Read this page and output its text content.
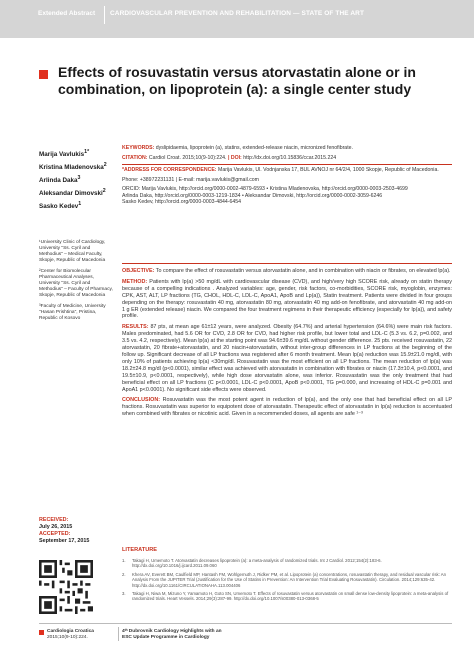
Extended Abstract CARDIOVASCULAR PREVENTION AND REHABILITATION — STATE OF THE ART
Effects of rosuvastatin versus atorvastatin alone or in combination, on lipoprotein (a): a single center study
Marija Vavlukis$^{1*}$
Kristina Mladenovska$^2$
Arlinda Daka$^3$
Aleksandar Dimovski$^2$
Sasko Kedev$^1$

¹University Clinic of Cardiology, University "Ss. Cyril and Methodius" – Medical Faculty, Skopje, Republic of Macedonia

²Center for Biomolecular Pharmaceutical Analyses, University "Ss. Cyril and Methodius" – Faculty of Pharmacy, Skopje, Republic of Macedonia

³Faculty of Medicine, University "Hasan Prishtina", Pristina, Republic of Kosovo

KEYWORDS: dyslipidaemia, lipoprotein (a), statins, extended-release niacin, micronized fenofibrate.
CITATION: Cardiol Croat. 2015;10(9-10):224. | DOI: http://dx.doi.org/10.15836/ccar.2015.224
*ADDRESS FOR CORRESPONDENCE: Marija Vavlukis, Ul. Vodnjanska 17, BUL AVNOJ nr 64/2/4, 1000 Skopje, Republic of Macedonia.
Phone: +38972231131 | E-mail: marija.vavlukis@gmail.com
ORCID: Marija Vavlukis, http://orcid.org/0000-0002-4879-6593 • Kristina Mladenovska, http://orcid.org/0000-0003-2503-4699
Arlinda Daka, http://orcid.org/0000-0003-1219-1834 • Aleksandar Dimovski, http://orcid.org/0000-0002-3059-6246
Sasko Kedev, http://orcid.org/0000-0003-4844-6454

OBJECTIVE: To compare the effect of rosuvastatin versus atorvastatin alone, and in combination with niacin or fibrates, on elevated lp(a).

METHOD: Patients with lp(a) >50 mg/dL with cardiovascular disease (CVD), and high/very high SCORE risk, already on statin therapy because of a compelling indications . Analyzed variables: age, gender, risk factors, co-morbidities, SCORE risk, myoglobin, enzymes: CPK, AST, ALT, LP fractions (TG, CHOL, HDL-C, LDL-C, ApoA1, ApoB and Lp(a)), Statin treatment. Patients were divided in four groups depending on the therapy: rosuvastatin 40 mg, atorvastatin 80 mg, atorvastatin 40 mg add-on fenofibrate, and atorvastatin 40 mg add-on 1 g ER (extended release) niacin. We compared the four treatment regimens in their therapeutic efficiency (especially for lp(a)), and safety profile.

RESULTS: 87 pts, at mean age 61±12 years, were analyzed. Obesity (64.7%) and arterial hypertension (64.6%) were main risk factors. Males predominated, had 5.6 OR for CVD, 2.8 OR for CVD, had higher risk profile, but lower total and LDL-C (5.3 vs. 6.2, p=0.002, and 3.5 vs. 4.2, respectively). Mean lp(a) at the starting point was 94.6±39.6 mg/dL without gender difference. 25 pts. received rosuvastatin, 22 atorvastatin, 20 fibrate+atorvastatin, and 20 niacin+atorvastatin, without inter-group differences in LP fractions at the beginning of the follow up. Significant decrease of all LP fractions was registered after 6 month treatment. Mean lp(a) reduction was 15.9±21.0 mg/dl, with only 10% of patients achieving lp(a) <30mg/dl. Rosuvastatin was the most efficient on all LP fractions. The mean reduction of lp(a) was 18.2±24.8 mg/dl (p<0.0001), similar effect was achieved with atorvastatin in combination with fibrates or niacin (17.3±10.4, p<0.0001, and 19.5±10.9, p<0.0001, respectively), while high dose atorvastatin alone, was inferior. Rosuvastatin was the only treatment that had beneficial effect on all LP fractions (C p<0.0001, LDL-C p<0.0001, ApoB p<0.0001, TG p=0.000, and increasing of HDL-C p=0.001 and ApoA1 p<0.0001). No significant side effects were observed.

CONCLUSION: Rosuvastatin was the most potent agent in reduction of lp(a), and the only one that had beneficial effect on all LP fractions. Rosuvastatin was superior to equipotent dose of atorvastatin. Therapeutic effect of atorvastatin in lp(a) reduction is accentuated when combined with fibrates or nicotinic acid. Given in a recommended doses, all agents are safe ¹⁻³

RECEIVED:
July 26, 2015
ACCEPTED:
September 17, 2015
LITERATURE
1.	Takagi H, Umemoto T. Atorvastatin decreases lipoprotein (a): a meta-analysis of randomized trials. Int J Cardiol. 2012;154(2):183-6. http://dx.doi.org/10.1016/j.ijcard.2011.09.060
2.	Khera AV, Everett BM, Caulfield MP, Hantash FM, Wohlgemuth J, Ridker PM, et al. Lipoprotein (a) concentrations, rosuvastatin therapy, and residual vascular risk: An Analysis From the JUPITER Trial (Justification for the Use of Statins in Prevention: An Intervention Trial Evaluating Rosuvastatin). Circulation. 2014;129:635-42. http://dx.doi.org/10.1161/CIRCULATIONAHA.113.004406
3.	Takagi H, Niwa M, Mizuno Y, Yamamoto H, Goto SN, Umemoto T. Effects of rosuvastatin versus atorvastatin on small dense low-density lipoprotein: a meta-analysis of randomized trials. Heart Vessels. 2014;29(3):287-99. http://dx.doi.org/10.1007/s00380-013-0368-5
Cardiologia Croatica
2015;10(9-10):224.
4ᵗʰ Dubrovnik Cardiology Highlights with an ESC Update Programme in Cardiology
